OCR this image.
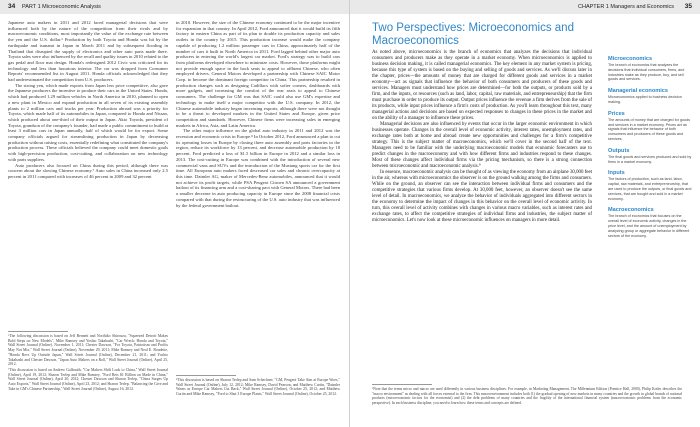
34	PART 1 Microeconomic Analysis

Japanese auto makers in 2011 and 2012 faced managerial decisions that were influenced both by the nature of the competition from their rivals and by macroeconomic conditions, most importantly the value of the exchange rate between the yen and the U.S. dollar.⁶ Production by both Toyota and Honda was hit by the earthquake and tsunami in Japan in March 2011 and by subsequent flooding in Thailand that disrupted the supply of electronics and other auto parts made there. Toyota sales were also influenced by the recall and quality issues in 2010 related to the gas pedal and floor mat design. Honda's redesigned 2012 Civic was criticized for its technology and less than luxurious interior. The car was dropped from Consumer Reports' recommended list in August 2011. Honda officials acknowledged that they had underestimated the competition from U.S. producers.

The strong yen, which made exports from Japan less price competitive, also gave the Japanese producers the incentive to produce their cars in the United States. Honda, which had produced 1.29 million vehicles in North America in 2010, planned to open a new plant in Mexico and expand production in all seven of its existing assembly plants to 2 million cars and trucks per year. Production abroad was a priority for Toyota, which made half of its automobiles in Japan, compared to Honda and Nissan, which produced about one-third of their output in Japan. Akio Toyoda, president of Toyota, grandson of the company's founder, had made a public commitment to build at least 3 million cars in Japan annually, half of which would be for export. Some company officials argued for streamlining production in Japan by decreasing production without raising costs, essentially redefining what constituted the company's production process. These officials believed the company could meet domestic goals with high-precision production, cost-cutting, and collaboration on new technology with parts suppliers.

Auto producers also focused on China during this period, although there was concern about the slowing Chinese economy.⁷ Auto sales in China increased only 2.5 percent in 2011 compared with increases of 46 percent in 2009 and 32 percent

⁶The following discussion is based on Jeff Bennett and Norihiko Shirouzu, "Squeezed Detroit Makes Bold Steps on New Models", Mike Ramsey and Yoshio Takahashi, "Car Wreck: Honda and Toyota," Wall Street Journal (Online), November 1, 2011; Chester Dawson, "For Toyota, Patriotism and Profits May Not Mix," Wall Street Journal (Online), November 29, 2011; Mike Ramsey and Neal E. Boudette, "Honda Revs Up Outside Japan," Wall Street Journal (Online), December 21, 2011; and Yoshio Takahashi and Chester Dawson, "Japan Auto Makers on a Roll," Wall Street Journal (Online), April 25, 2012.

⁷This discussion is based on Andrew Galbraith, "Car Makers Shift Look to China," Wall Street Journal (Online), April 19, 2012; Sharon Terlep and Mike Ramsey, "Ford Bets $1 Billion on Made in China," Wall Street Journal (Online), April 20, 2012; Chester Dawson and Sharon Terlep, "China Surges Up Auto Exports," Wall Street Journal (Online), April 23, 2012; and Sharon Terlep, "Balancing the Give and Take in GM's Chinese Partnership," Wall Street Journal (Online), August 16, 2012.

in 2010. However, the size of the Chinese economy continued to be the major incentive for expansion in that country. In April 2012, Ford announced that it would build its fifth factory in eastern China as part of its plan to double its production capacity and sales outlets in the country by 2015. This production increase would make the company capable of producing 1.2 million passenger cars in China, approximately half of the number of cars it built in North America in 2011. Ford lagged behind other major auto producers in entering the world's largest car market. Ford's strategy was to build cars from platforms developed elsewhere to minimize costs. However, those platforms might not provide enough space in the back seats to appeal to affluent Chinese, who often employed drivers. General Motors developed a partnership with Chinese SAIC Motor Corp. to become the dominant foreign competitor in China. This partnership resulted in production changes such as designing Cadillacs with softer corners, dashboards with more gadgets, and increasing the comfort of the rear seats to appeal to Chinese consumers. The challenge for GM was that SAIC could also use GM's expertise and technology to make itself a major competitor with the U.S. company. In 2012, the Chinese automobile industry began increasing exports, although there were not thought to be a threat to developed markets in the United States and Europe, given price competition and standards. However, Chinese firms were increasing sales in emerging markets in Africa, Asia, and Latin America.

The other major influence on the global auto industry in 2011 and 2012 was the recession and economic crisis in Europe.⁸ In October 2012, Ford announced a plan to cut its operating losses in Europe by closing three auto assembly and parts factories in the region, reduce its workforce by 13 percent, and decrease automobile production by 18 percent. Ford predicted a loss of $1.5 billion in Europe in 2012 and a similar loss in 2013. The cost-cutting in Europe was combined with the introduction of several new commercial vans and SUVs and the introduction of the Mustang sports car for the first time. All European auto makers faced decreased car sales and chronic overcapacity at this time. Daimler AG, maker of Mercedes-Benz automobiles, announced that it would not achieve its profit targets, while PSA Peugeot Citroen SA announced a government bailout of its financing arm and a cost-sharing pact with General Motors. There had been a smaller decrease in auto producing capacity in Europe since the 2008 financial crisis compared with that during the restructuring of the U.S. auto industry that was influenced by the federal government bailout.

⁸This discussion is based on Sharon Terlep and Sam Schechner, "GM, Peugeot Take Aim at Europe Woes," Wall Street Journal (Online), July 12, 2012; Mike Ramsey, David Pearson, and Matthew Curtin, "Daimler Warns as Europe Car Makers Cut Back," Wall Street Journal (Online), October 25, 2012; and Matthew Curtin and Mike Ramsey, "Ford to Shut 3 Europe Plants," Wall Street Journal (Online), October 25, 2012.

CHAPTER 1 Managers and Economics	35
Two Perspectives: Microeconomics and Macroeconomics

As noted above, microeconomics is the branch of economics that analyzes the decisions that individual consumers and producers make as they operate in a market economy. When microeconomics is applied to business decision making, it is called managerial economics. The key element in any market system is pricing, because this type of system is based on the buying and selling of goods and services. As we'll discuss later in the chapter, prices—the amounts of money that are charged for different goods and services in a market economy—act as signals that influence the behavior of both consumers and producers of these goods and services. Managers must understand how prices are determined—for both the outputs, or products sold by a firm, and the inputs, or resources (such as land, labor, capital, raw materials, and entrepreneurship) that the firm must purchase in order to produce its output. Output prices influence the revenue a firm derives from the sale of its products, while input prices influence a firm's costs of production. As you'll learn throughout this text, many managerial actions and decisions are based on expected responses to changes in these prices in the market and on the ability of a manager to influence these prices.

Managerial decisions are also influenced by events that occur in the larger economic environment in which businesses operate. Changes in the overall level of economic activity, interest rates, unemployment rates, and exchange rates both at home and abroad create new opportunities and challenges for a firm's competitive strategy. This is the subject matter of macroeconomics, which we'll cover in the second half of the text. Managers need to be familiar with the underlying macroeconomic models that economic forecasters use to predict changes in the macroeconomy and with how different firms and industries respond to these changes. Most of these changes affect individual firms via the pricing mechanism, so there is a strong connection between microeconomic and macroeconomic analysis.⁹

In essence, macroeconomic analysis can be thought of as viewing the economy from an airplane 30,000 feet in the air, whereas with microeconomics the observer is on the ground walking among the firms and consumers. While on the ground, an observer can see the interaction between individual firms and consumers and the competitive strategies that various firms develop. At 30,000 feet, however, an observer doesn't see the same level of detail. In macroeconomics, we analyze the behavior of individuals aggregated into different sectors in the economy to determine the impact of changes in this behavior on the overall level of economic activity. In turn, this overall level of activity combines with changes in various macro variables, such as interest rates and exchange rates, to affect the competitive strategies of individual firms and industries, the subject matter of microeconomics. Let's now look at these microeconomic influences on managers in more detail.

Microeconomics
The branch of economics that analyzes the decisions that individual consumers, firms, and industries make as they produce, buy, and sell goods and services.
Managerial economics
Microeconomics applied to business decision making.
Prices
The amounts of money that are charged for goods and services in a market economy. Prices act as signals that influence the behavior of both consumers and producers of these goods and services.
Outputs
The final goods and services produced and sold by firms in a market economy.
Inputs
The factors of production, such as land, labor, capital, raw materials, and entrepreneurship, that are used to produce the outputs, or final goods and services, that are bought and sold in a market economy.
Macroeconomics
The branch of economics that focuses on the overall level of economic activity, changes in the price level, and the amount of unemployment by analyzing group or aggregate behavior in different sectors of the economy.
⁹Note that the terms micro and macro are used differently in various business disciplines. For example, in Marketing Management, The Millennium Edition (Prentice Hall, 2000), Philip Kotler describes the "macro environment" as dealing with all forces external to the firm. This macroenvironment includes both (1) the gradual opening of new markets in many countries and the growth in global brands of national products (microeconomic factors for the economist) and (2) the debt problems of many countries and the fragility of the international financial system (macroeconomic problems from the economic perspective). In each business discipline, you need to learn how these terms and concepts are defined.
